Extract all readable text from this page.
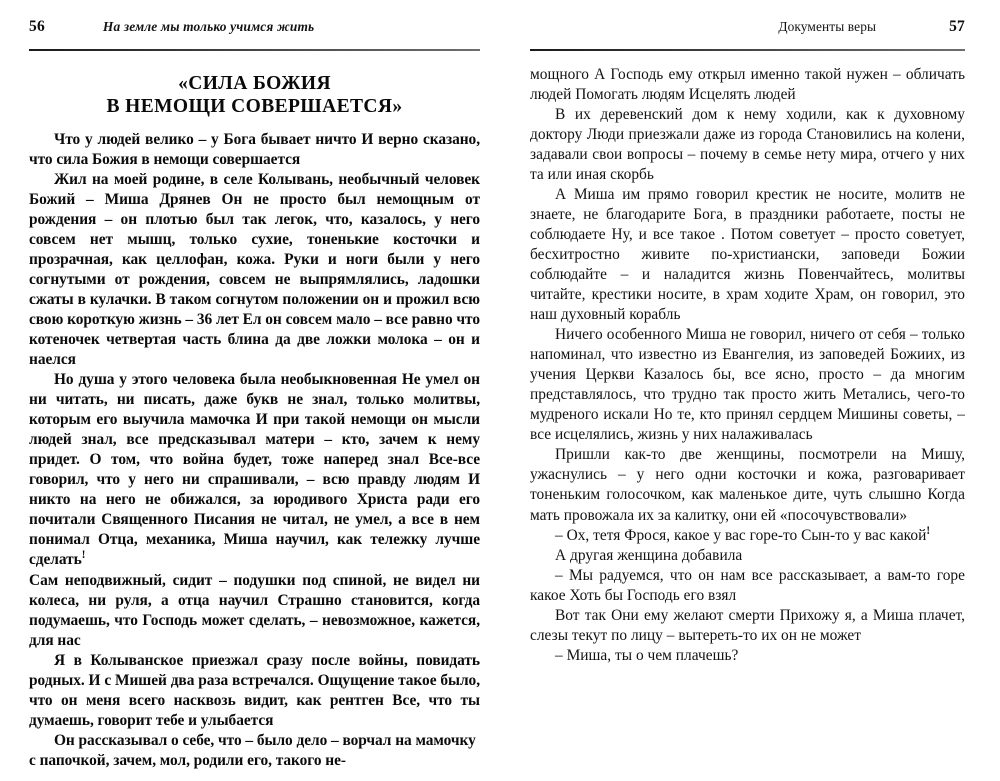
56	На земле мы только учимся жить
«СИЛА БОЖИЯ
В НЕМОЩИ СОВЕРШАЕТСЯ»

Что у людей велико – у Бога бывает ничто И верно сказано, что сила Божия в немощи совершается

Жил на моей родине, в селе Колывань, необычный человек Божий – Миша Дрянев Он не просто был немощным от рождения – он плотью был так легок, что, казалось, у него совсем нет мышц, только сухие, тоненькие косточки и прозрачная, как целлофан, кожа. Руки и ноги были у него согнутыми от рождения, совсем не выпрямлялись, ладошки сжаты в кулачки. В таком согнутом положении он и прожил всю свою короткую жизнь – 36 лет Ел он совсем мало – все равно что котеночек четвертая часть блина да две ложки молока – он и наелся

Но душа у этого человека была необыкновенная Не умел он ни читать, ни писать, даже букв не знал, только молитвы, которым его выучила мамочка И при такой немощи он мысли людей знал, все предсказывал матери – кто, зачем к нему придет. О том, что война будет, тоже наперед знал Все-все говорил, что у него ни спрашивали, – всю правду людям И никто на него не обижался, за юродивого Христа ради его почитали Священного Писания не читал, не умел, а все в нем понимал Отца, механика, Миша научил, как тележку лучше сделать!

Сам неподвижный, сидит – подушки под спиной, не видел ни колеса, ни руля, а отца научил Страшно становится, когда подумаешь, что Господь может сделать, – невозможное, кажется, для нас

Я в Колыванское приезжал сразу после войны, повидать родных. И с Мишей два раза встречался. Ощущение такое было, что он меня всего насквозь видит, как рентген Все, что ты думаешь, говорит тебе и улыбается

Он рассказывал о себе, что – было дело – ворчал на мамочку с папочкой, зачем, мол, родили его, такого не-

Документы веры	57

мощного А Господь ему открыл именно такой нужен – обличать людей Помогать людям Исцелять людей

В их деревенский дом к нему ходили, как к духовному доктору Люди приезжали даже из города Становились на колени, задавали свои вопросы – почему в семье нету мира, отчего у них та или иная скорбь

А Миша им прямо говорил крестик не носите, молитв не знаете, не благодарите Бога, в праздники работаете, посты не соблюдаете Ну, и все такое . Потом советует – просто советует, бесхитростно живите по-христиански, заповеди Божии соблюдайте – и наладится жизнь Повенчайтесь, молитвы читайте, крестики носите, в храм ходите Храм, он говорил, это наш духовный корабль

Ничего особенного Миша не говорил, ничего от себя – только напоминал, что известно из Евангелия, из заповедей Божиих, из учения Церкви Казалось бы, все ясно, просто – да многим представлялось, что трудно так просто жить Метались, чего-то мудреного искали Но те, кто принял сердцем Мишины советы, – все исцелялись, жизнь у них налаживалась

Пришли как-то две женщины, посмотрели на Мишу, ужаснулись – у него одни косточки и кожа, разговаривает тоненьким голосочком, как маленькое дите, чуть слышно Когда мать провожала их за калитку, они ей «посочувствовали»

– Ох, тетя Фрося, какое у вас горе-то Сын-то у вас какой!

А другая женщина добавила

– Мы радуемся, что он нам все рассказывает, а вам-то горе какое Хоть бы Господь его взял

Вот так Они ему желают смерти Прихожу я, а Миша плачет, слезы текут по лицу – вытереть-то их он не может

– Миша, ты о чем плачешь?
